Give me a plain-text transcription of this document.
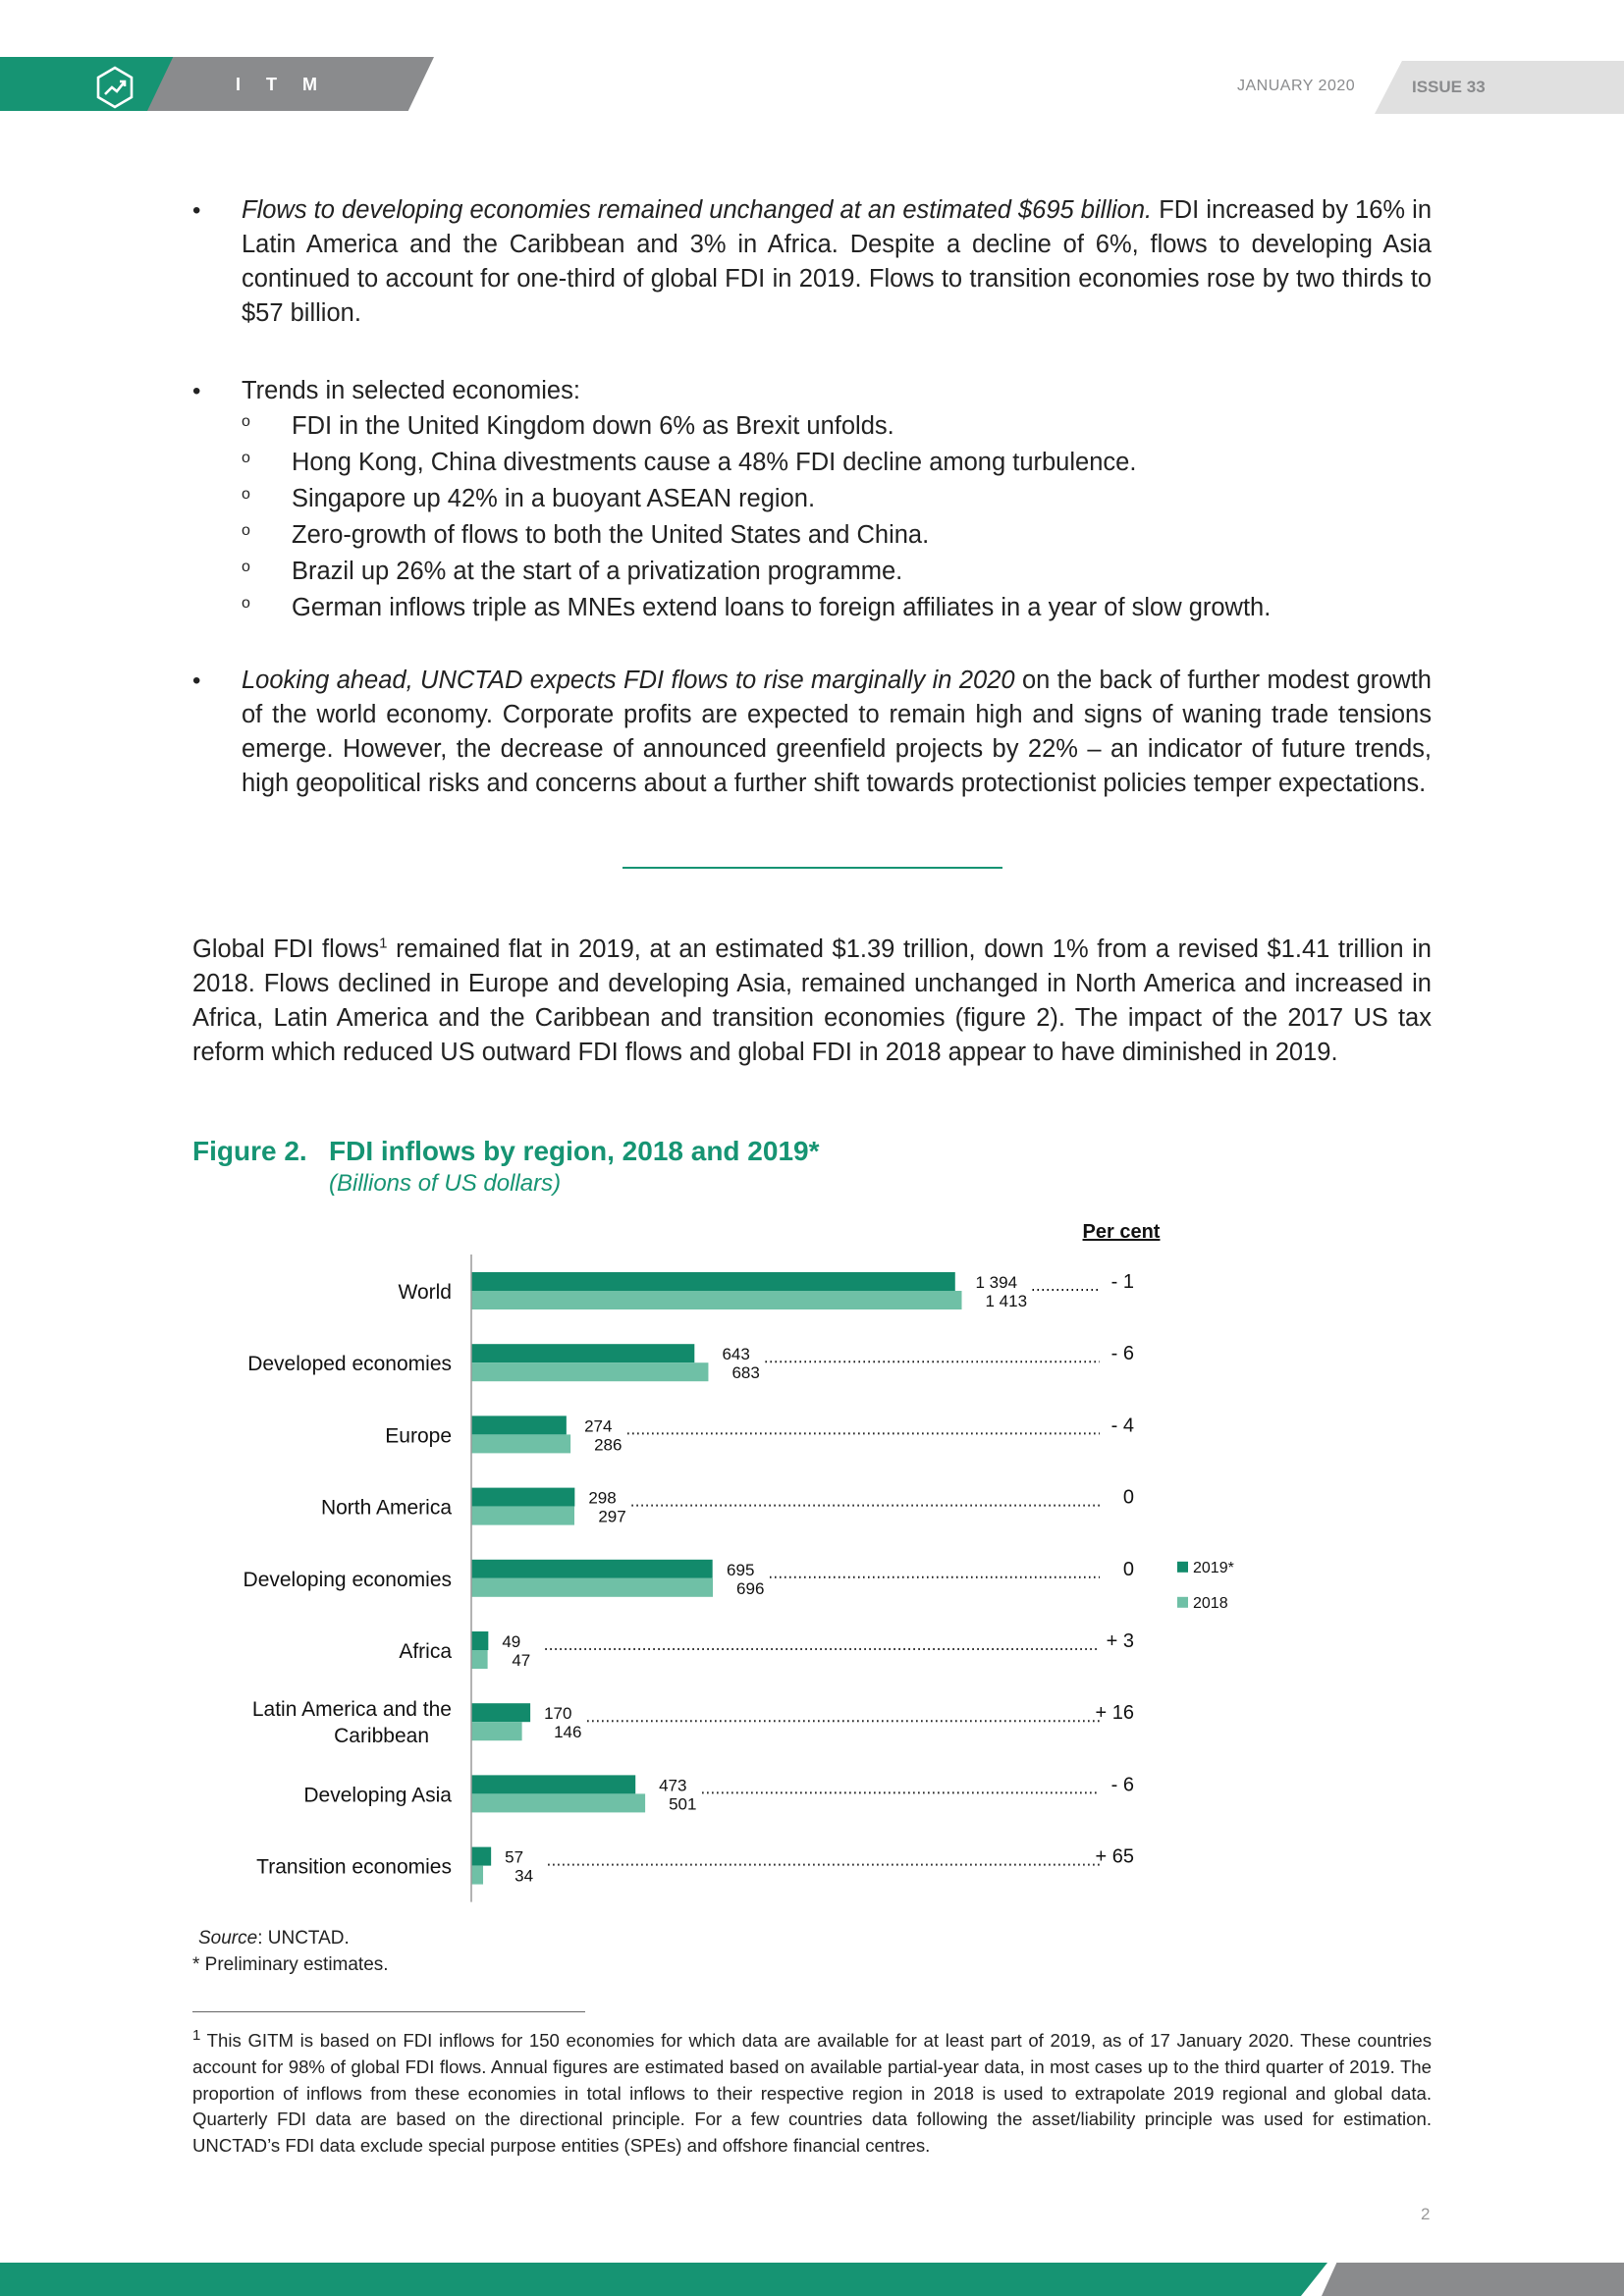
ITM	JANUARY 2020	ISSUE 33
• Flows to developing economies remained unchanged at an estimated $695 billion. FDI increased by 16% in Latin America and the Caribbean and 3% in Africa. Despite a decline of 6%, flows to developing Asia continued to account for one-third of global FDI in 2019. Flows to transition economies rose by two thirds to $57 billion.
• Trends in selected economies:
o FDI in the United Kingdom down 6% as Brexit unfolds.
o Hong Kong, China divestments cause a 48% FDI decline among turbulence.
o Singapore up 42% in a buoyant ASEAN region.
o Zero-growth of flows to both the United States and China.
o Brazil up 26% at the start of a privatization programme.
o German inflows triple as MNEs extend loans to foreign affiliates in a year of slow growth.
• Looking ahead, UNCTAD expects FDI flows to rise marginally in 2020 on the back of further modest growth of the world economy. Corporate profits are expected to remain high and signs of waning trade tensions emerge. However, the decrease of announced greenfield projects by 22% – an indicator of future trends, high geopolitical risks and concerns about a further shift towards protectionist policies temper expectations.
Global FDI flows$^1$ remained flat in 2019, at an estimated $1.39 trillion, down 1% from a revised $1.41 trillion in 2018. Flows declined in Europe and developing Asia, remained unchanged in North America and increased in Africa, Latin America and the Caribbean and transition economies (figure 2). The impact of the 2017 US tax reform which reduced US outward FDI flows and global FDI in 2018 appear to have diminished in 2019.
Figure 2. FDI inflows by region, 2018 and 2019*
(Billions of US dollars)
Per cent
World	1 394
1 413
- 1
Developed economies	643
683
- 6
Europe	274
286
- 4
North America	298
297
0
Developing economies	695
696
0
Africa	49
47
+ 3
Latin America and the
Caribbean
170
146
+ 16
Developing Asia	473
501
- 6
Transition economies	57
34
+ 65
2019*
2018
Source: UNCTAD.
* Preliminary estimates.
$^1$ This GITM is based on FDI inflows for 150 economies for which data are available for at least part of 2019, as of 17 January 2020. These countries account for 98% of global FDI flows. Annual figures are estimated based on available partial-year data, in most cases up to the third quarter of 2019. The proportion of inflows from these economies in total inflows to their respective region in 2018 is used to extrapolate 2019 regional and global data. Quarterly FDI data are based on the directional principle. For a few countries data following the asset/liability principle was used for estimation. UNCTAD’s FDI data exclude special purpose entities (SPEs) and offshore financial centres.
2
